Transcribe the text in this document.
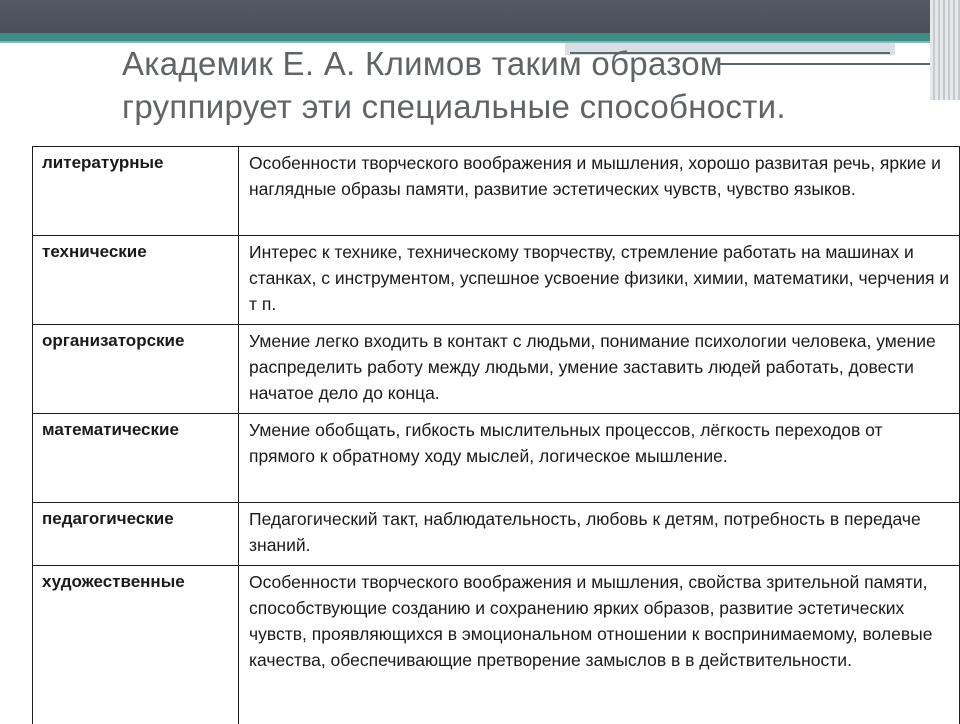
Академик Е. А. Климов таким образом
группирует эти специальные способности.
литературные	Особенности творческого воображения и мышления, хорошо развитая речь, яркие и наглядные образы памяти, развитие эстетических чувств, чувство языков.
технические	Интерес к технике, техническому творчеству, стремление работать на машинах и станках, с инструментом, успешное усвоение физики, химии, математики, черчения и т п.
организаторские	Умение легко входить в контакт с людьми, понимание психологии человека, умение распределить работу между людьми, умение заставить людей работать, довести начатое дело до конца.
математические	Умение обобщать, гибкость мыслительных процессов, лёгкость переходов от прямого к обратному ходу мыслей, логическое мышление.
педагогические	Педагогический такт, наблюдательность, любовь к детям, потребность в передаче знаний.
художественные	Особенности творческого воображения и мышления, свойства зрительной памяти, способствующие созданию и сохранению ярких образов, развитие эстетических чувств, проявляющихся в эмоциональном отношении к воспринимаемому, волевые качества, обеспечивающие претворение замыслов в в действительности.
